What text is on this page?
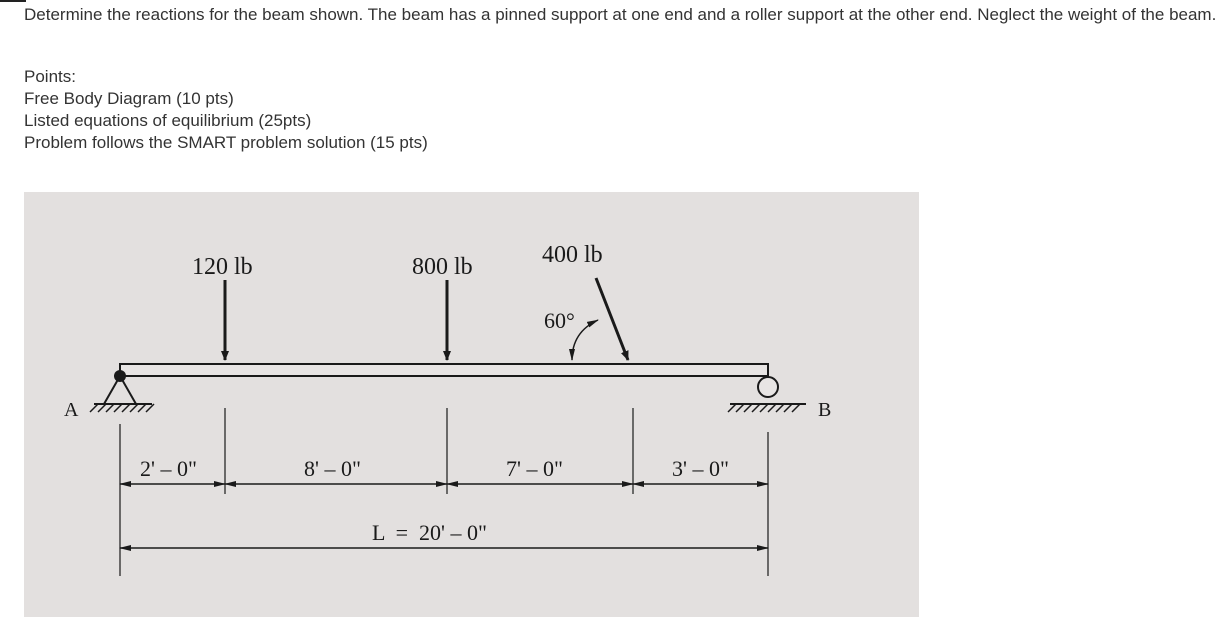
Determine the reactions for the beam shown. The beam has a pinned support at one end and a roller support at the other end. Neglect the weight of the beam.
Points:
Free Body Diagram (10 pts)
Listed equations of equilibrium (25pts)
Problem follows the SMART problem solution (15 pts)
A	B
120 lb	800 lb	400 lb
60°
2' – 0"	8' – 0"	7' – 0"	3' – 0"
L  =  20' – 0"
